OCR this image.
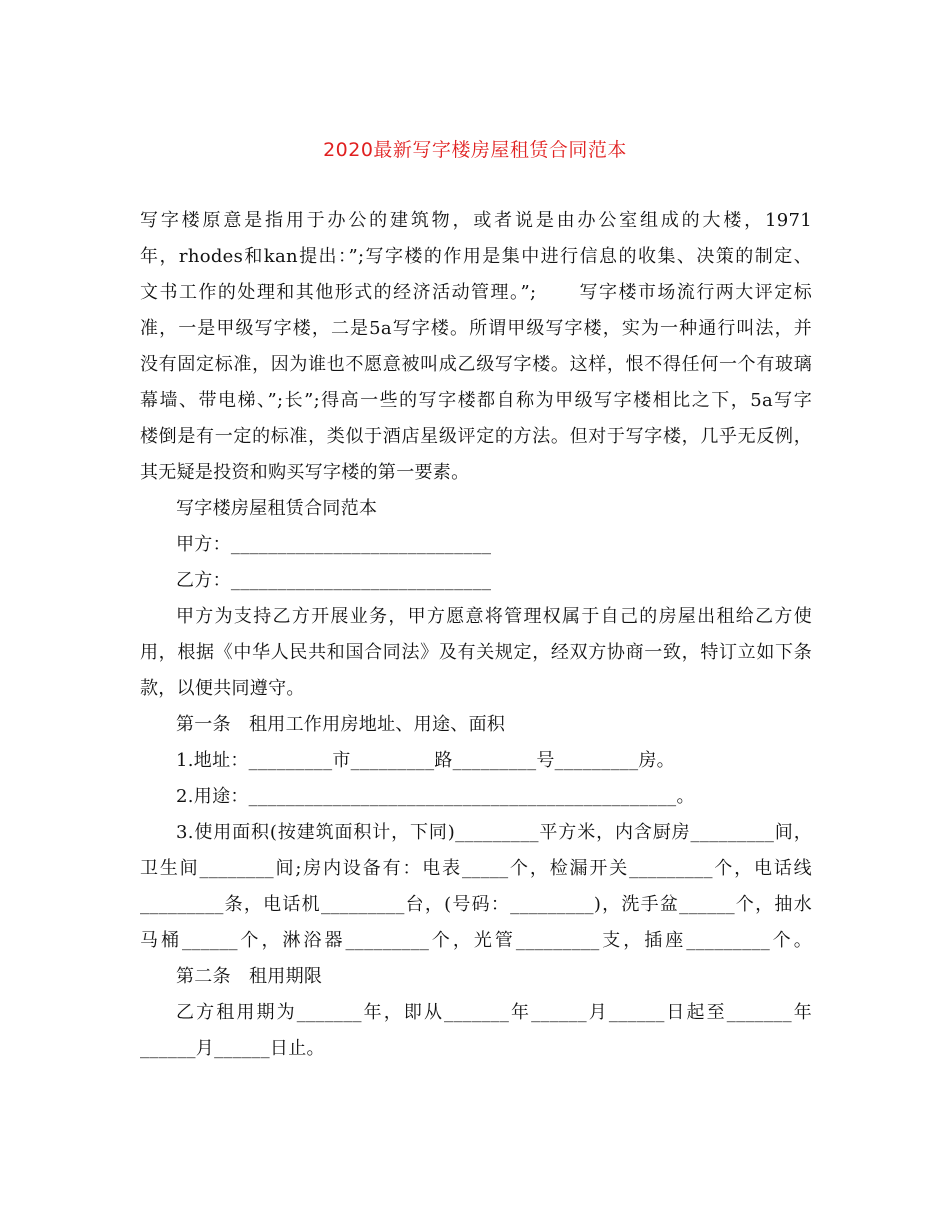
2020最新写字楼房屋租赁合同范本
写字楼原意是指用于办公的建筑物，或者说是由办公室组成的大楼，1971
年，rhodes和kan提出：”;写字楼的作用是集中进行信息的收集、决策的制定、
文书工作的处理和其他形式的经济活动管理。”;      写字楼市场流行两大评定标
准，一是甲级写字楼，二是5a写字楼。所谓甲级写字楼，实为一种通行叫法，并
没有固定标准，因为谁也不愿意被叫成乙级写字楼。这样，恨不得任何一个有玻璃
幕墙、带电梯、”;长”;得高一些的写字楼都自称为甲级写字楼相比之下，5a写字
楼倒是有一定的标准，类似于酒店星级评定的方法。但对于写字楼，几乎无反例，
其无疑是投资和购买写字楼的第一要素。
写字楼房屋租赁合同范本
甲方：____________________________
乙方：____________________________
甲方为支持乙方开展业务，甲方愿意将管理权属于自己的房屋出租给乙方使
用，根据《中华人民共和国合同法》及有关规定，经双方协商一致，特订立如下条
款，以便共同遵守。
第一条   租用工作用房地址、用途、面积
1.地址：_________市_________路_________号_________房。
2.用途：______________________________________________。
3.使用面积(按建筑面积计，下同)_________平方米，内含厨房_________间，
卫生间________间;房内设备有：电表_____个，检漏开关_________个，电话线
_________条，电话机_________台，(号码：_________)，洗手盆______个，抽水
马桶______个，淋浴器_________个，光管_________支，插座_________个。
第二条   租用期限
乙方租用期为_______年，即从_______年______月______日起至_______年
______月______日止。
